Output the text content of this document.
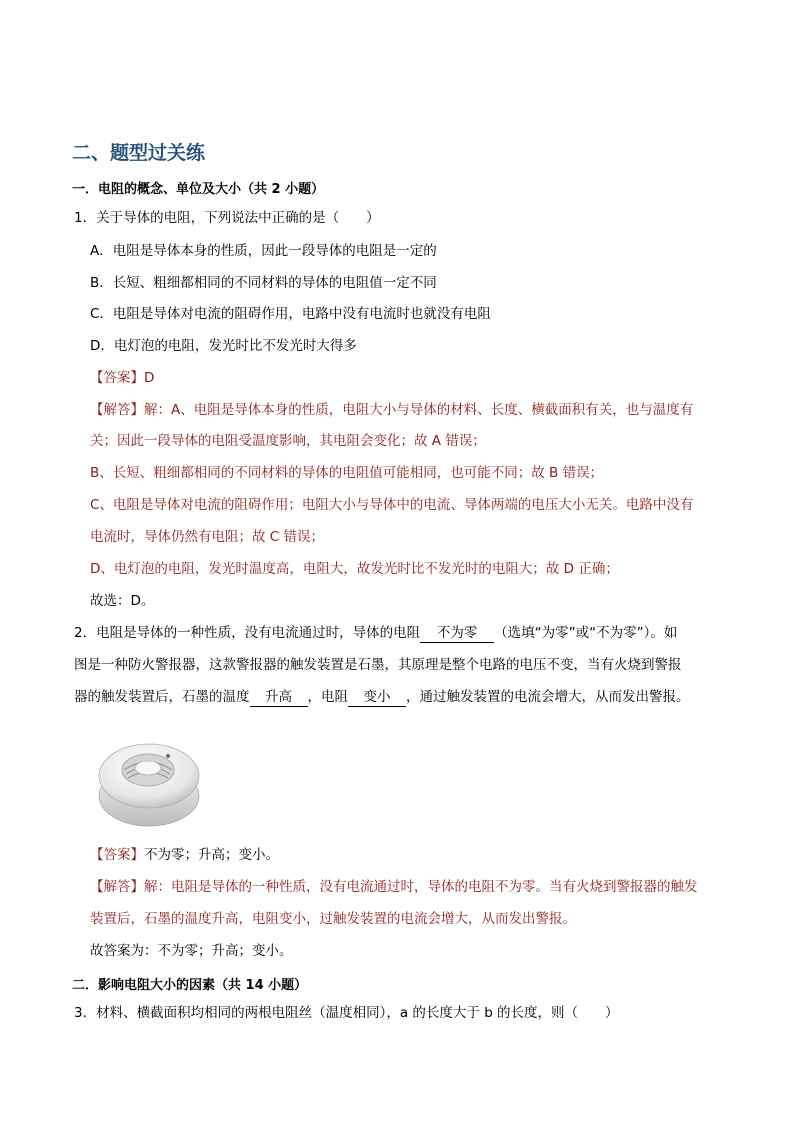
二、题型过关练
一．电阻的概念、单位及大小（共 2 小题）
1．关于导体的电阻，下列说法中正确的是（　　）
A．电阻是导体本身的性质，因此一段导体的电阻是一定的
B．长短、粗细都相同的不同材料的导体的电阻值一定不同
C．电阻是导体对电流的阻碍作用，电路中没有电流时也就没有电阻
D．电灯泡的电阻，发光时比不发光时大得多
【答案】D
【解答】解：A、电阻是导体本身的性质，电阻大小与导体的材料、长度、横截面积有关，也与温度有
关；因此一段导体的电阻受温度影响，其电阻会变化；故 A 错误；
B、长短、粗细都相同的不同材料的导体的电阻值可能相同，也可能不同；故 B 错误；
C、电阻是导体对电流的阻碍作用；电阻大小与导体中的电流、导体两端的电压大小无关。电路中没有
电流时，导体仍然有电阻；故 C 错误；
D、电灯泡的电阻，发光时温度高，电阻大，故发光时比不发光时的电阻大；故 D 正确；
故选：D。
2．电阻是导体的一种性质，没有电流通过时，导体的电阻 不为零 （选填“为零”或“不为零”）。如
图是一种防火警报器，这款警报器的触发装置是石墨，其原理是整个电路的电压不变，当有火烧到警报
器的触发装置后，石墨的温度 升高 ，电阻 变小 ，通过触发装置的电流会增大，从而发出警报。
【答案】不为零；升高；变小。
【解答】解：电阻是导体的一种性质，没有电流通过时，导体的电阻不为零。当有火烧到警报器的触发
装置后，石墨的温度升高，电阻变小，过触发装置的电流会增大，从而发出警报。
故答案为：不为零；升高；变小。
二．影响电阻大小的因素（共 14 小题）
3．材料、横截面积均相同的两根电阻丝（温度相同），a 的长度大于 b 的长度，则（　　）
